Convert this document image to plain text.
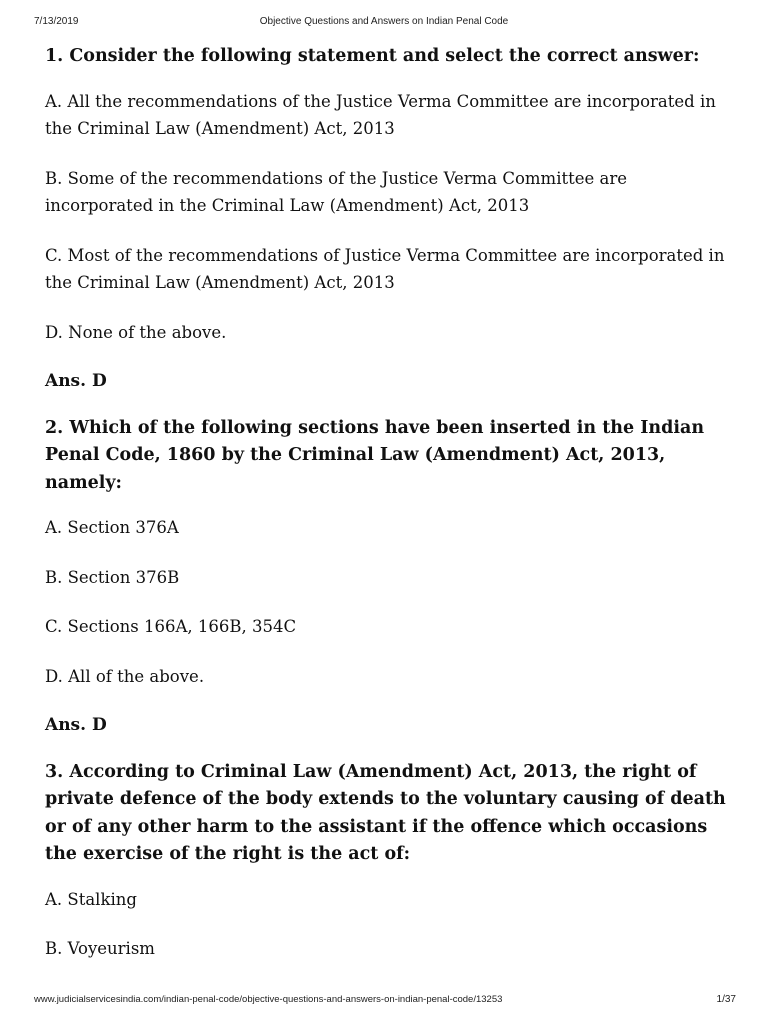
7/13/2019	Objective Questions and Answers on Indian Penal Code

1. Consider the following statement and select the correct answer:

A. All the recommendations of the Justice Verma Committee are incorporated in the Criminal Law (Amendment) Act, 2013

B. Some of the recommendations of the Justice Verma Committee are incorporated in the Criminal Law (Amendment) Act, 2013

C. Most of the recommendations of Justice Verma Committee are incorporated in the Criminal Law (Amendment) Act, 2013

D. None of the above.

Ans. D

2. Which of the following sections have been inserted in the Indian Penal Code, 1860 by the Criminal Law (Amendment) Act, 2013, namely:

A. Section 376A

B. Section 376B

C. Sections 166A, 166B, 354C

D. All of the above.

Ans. D

3. According to Criminal Law (Amendment) Act, 2013, the right of private defence of the body extends to the voluntary causing of death or of any other harm to the assistant if the offence which occasions the exercise of the right is the act of:

A. Stalking

B. Voyeurism

www.judicialservicesindia.com/indian-penal-code/objective-questions-and-answers-on-indian-penal-code/13253	1/37
